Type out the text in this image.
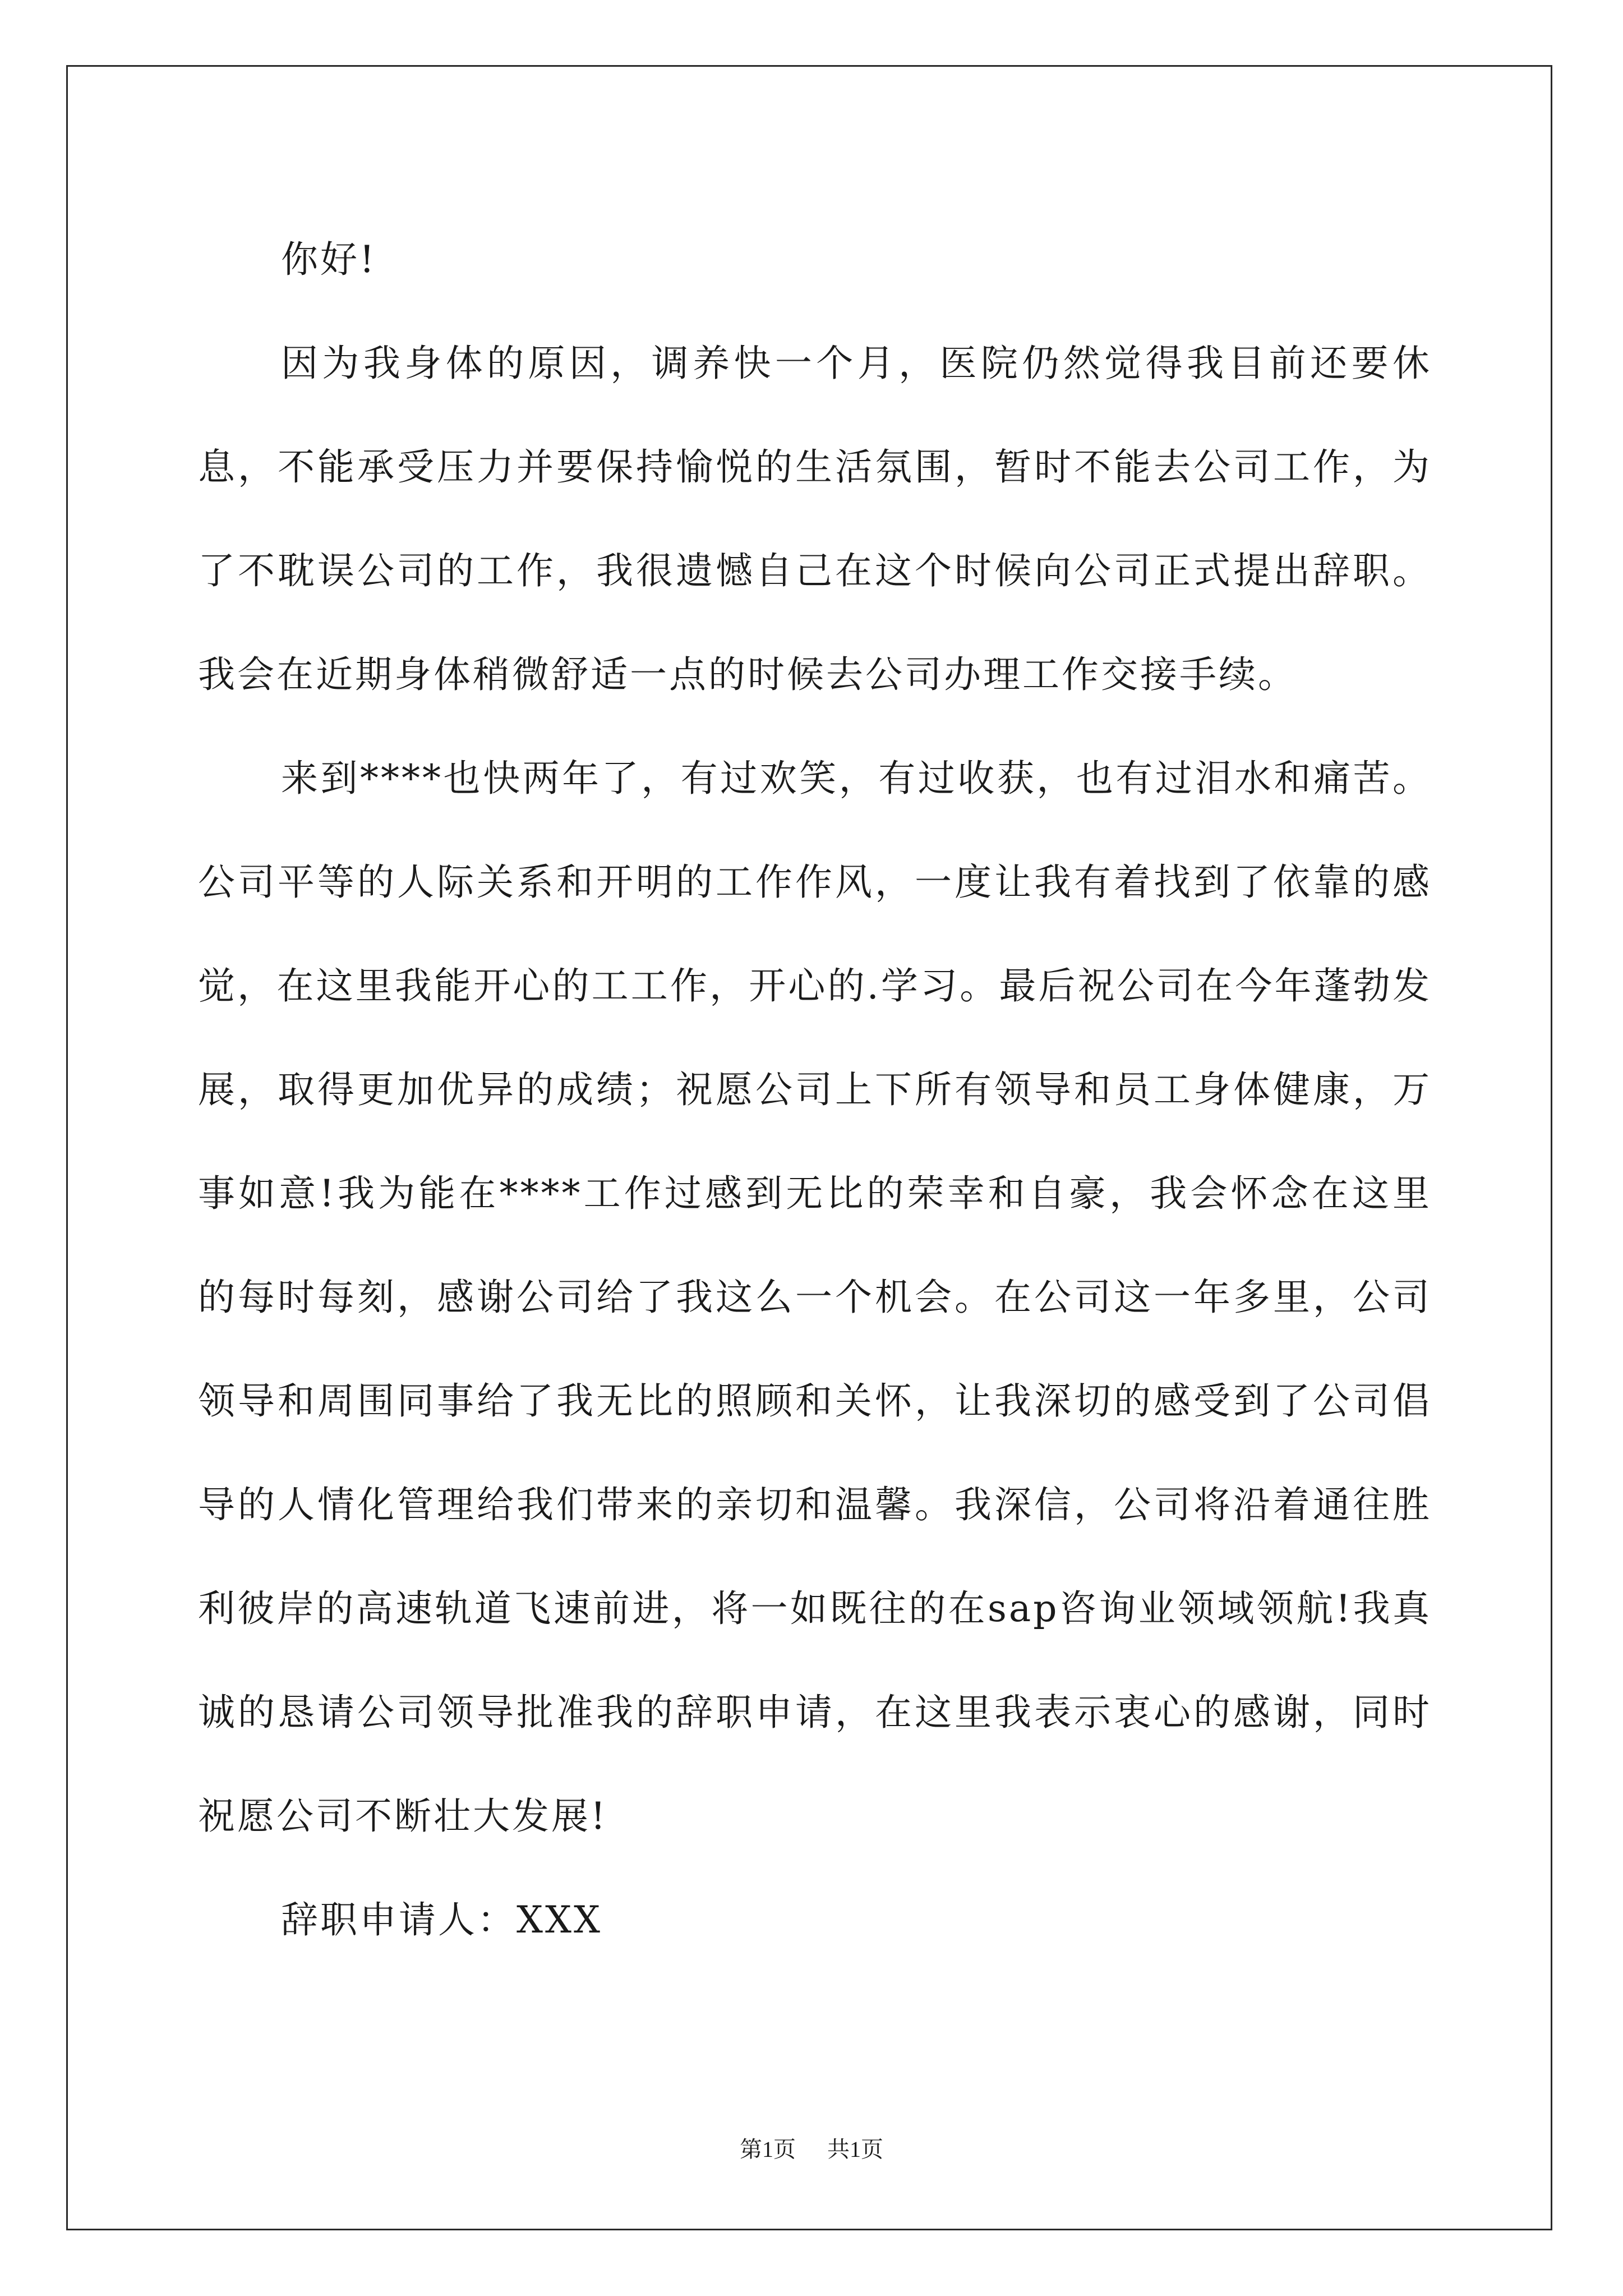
你好!

因为我身体的原因，调养快一个月，医院仍然觉得我目前还要休息，不能承受压力并要保持愉悦的生活氛围，暂时不能去公司工作，为了不耽误公司的工作，我很遗憾自己在这个时候向公司正式提出辞职。我会在近期身体稍微舒适一点的时候去公司办理工作交接手续。

来到****也快两年了，有过欢笑，有过收获，也有过泪水和痛苦。公司平等的人际关系和开明的工作作风，一度让我有着找到了依靠的感觉，在这里我能开心的工工作，开心的.学习。最后祝公司在今年蓬勃发展，取得更加优异的成绩；祝愿公司上下所有领导和员工身体健康，万事如意!我为能在****工作过感到无比的荣幸和自豪，我会怀念在这里的每时每刻，感谢公司给了我这么一个机会。在公司这一年多里，公司领导和周围同事给了我无比的照顾和关怀，让我深切的感受到了公司倡导的人情化管理给我们带来的亲切和温馨。我深信，公司将沿着通往胜利彼岸的高速轨道飞速前进，将一如既往的在sap咨询业领域领航!我真诚的恳请公司领导批准我的辞职申请，在这里我表示衷心的感谢，同时祝愿公司不断壮大发展!

辞职申请人：XXX

第1页 共1页
